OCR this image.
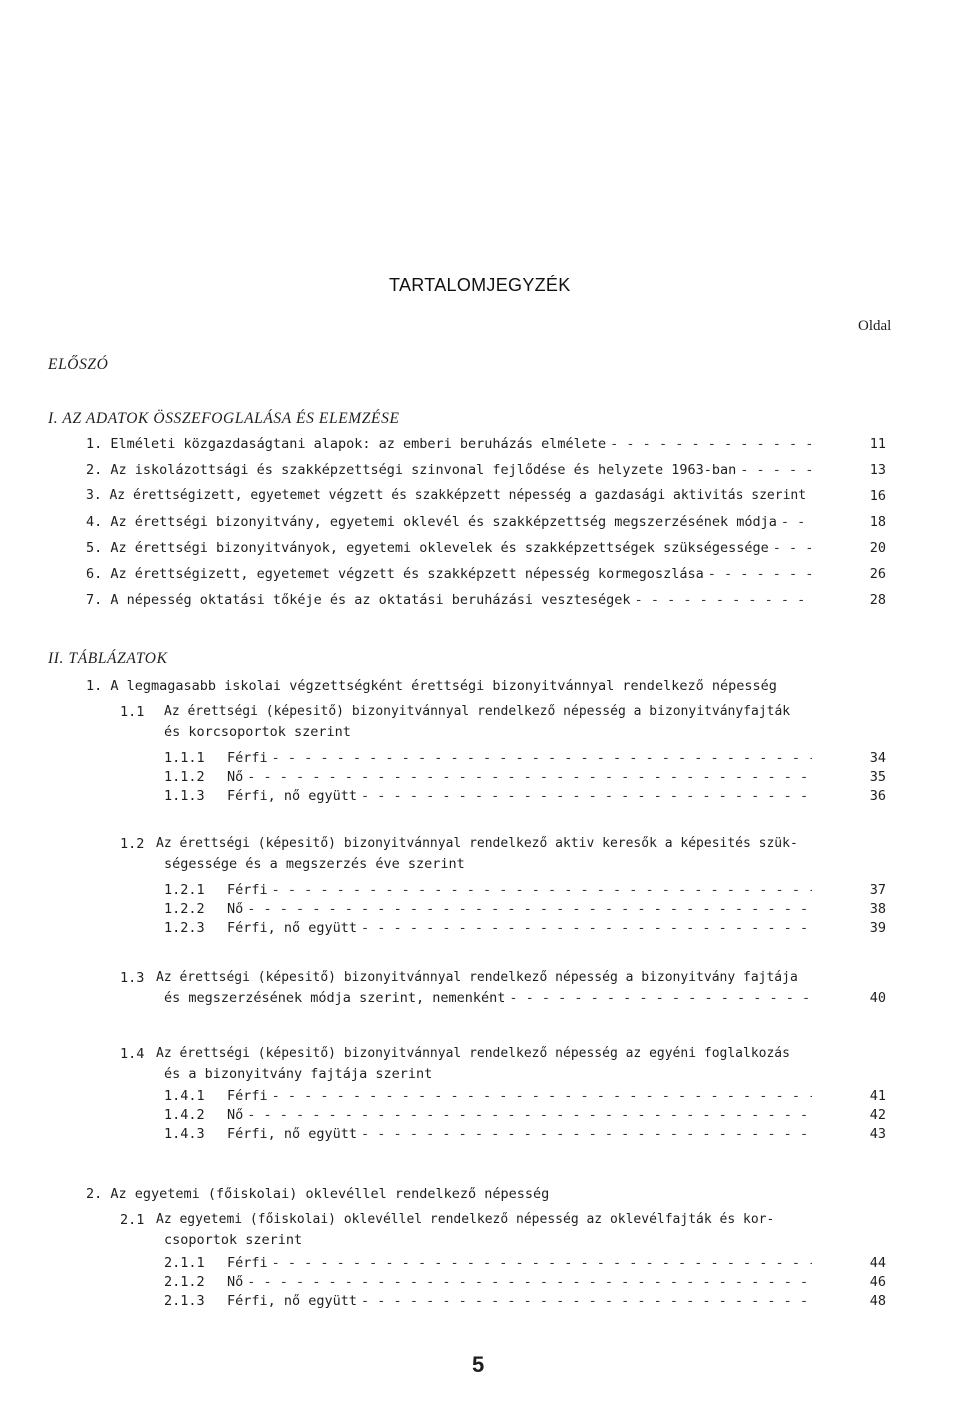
TARTALOMJEGYZÉK
Oldal
ELŐSZÓ
I. AZ ADATOK ÖSSZEFOGLALÁSA ÉS ELEMZÉSE
1. Elméleti közgazdaságtani alapok: az emberi beruházás elmélete - - -	11
2. Az iskolázottsági és szakképzettségi szinvonal fejlődése és helyzete 1963-ban - - -	13
3. Az érettségizett, egyetemet végzett és szakképzett népesség a gazdasági aktivitás szerint	16
4. Az érettségi bizonyitvány, egyetemi oklevél és szakképzettség megszerzésének módja - - -	18
5. Az érettségi bizonyitványok, egyetemi oklevelek és szakképzettségek szükségessége - - -	20
6. Az érettségizett, egyetemet végzett és szakképzett népesség kormegoszlása - - -	26
7. A népesség oktatási tőkéje és az oktatási beruházási veszteségek - - -	28
II. TÁBLÁZATOK
1. A legmagasabb iskolai végzettségként érettségi bizonyitvánnyal rendelkező népesség
1.1 Az érettségi (képesitő) bizonyitvánnyal rendelkező népesség a bizonyitványfajták
és korcsoportok szerint
1.1.1 Férfi - - -	34
1.1.2 Nő - - -	35
1.1.3 Férfi, nő együtt - - -	36
1.2 Az érettségi (képesitő) bizonyitvánnyal rendelkező aktiv keresők a képesités szük-
ségessége és a megszerzés éve szerint
1.2.1 Férfi - - -	37
1.2.2 Nő - - -	38
1.2.3 Férfi, nő együtt - - -	39
1.3 Az érettségi (képesitő) bizonyitvánnyal rendelkező népesség a bizonyitvány fajtája
és megszerzésének módja szerint, nemenként - - -	40
1.4 Az érettségi (képesitő) bizonyitvánnyal rendelkező népesség az egyéni foglalkozás
és a bizonyitvány fajtája szerint
1.4.1 Férfi - - -	41
1.4.2 Nő - - -	42
1.4.3 Férfi, nő együtt - - -	43
2. Az egyetemi (főiskolai) oklevéllel rendelkező népesség
2.1 Az egyetemi (főiskolai) oklevéllel rendelkező népesség az oklevélfajták és kor-
csoportok szerint
2.1.1 Férfi - - -	44
2.1.2 Nő - - -	46
2.1.3 Férfi, nő együtt - - -	48
5
